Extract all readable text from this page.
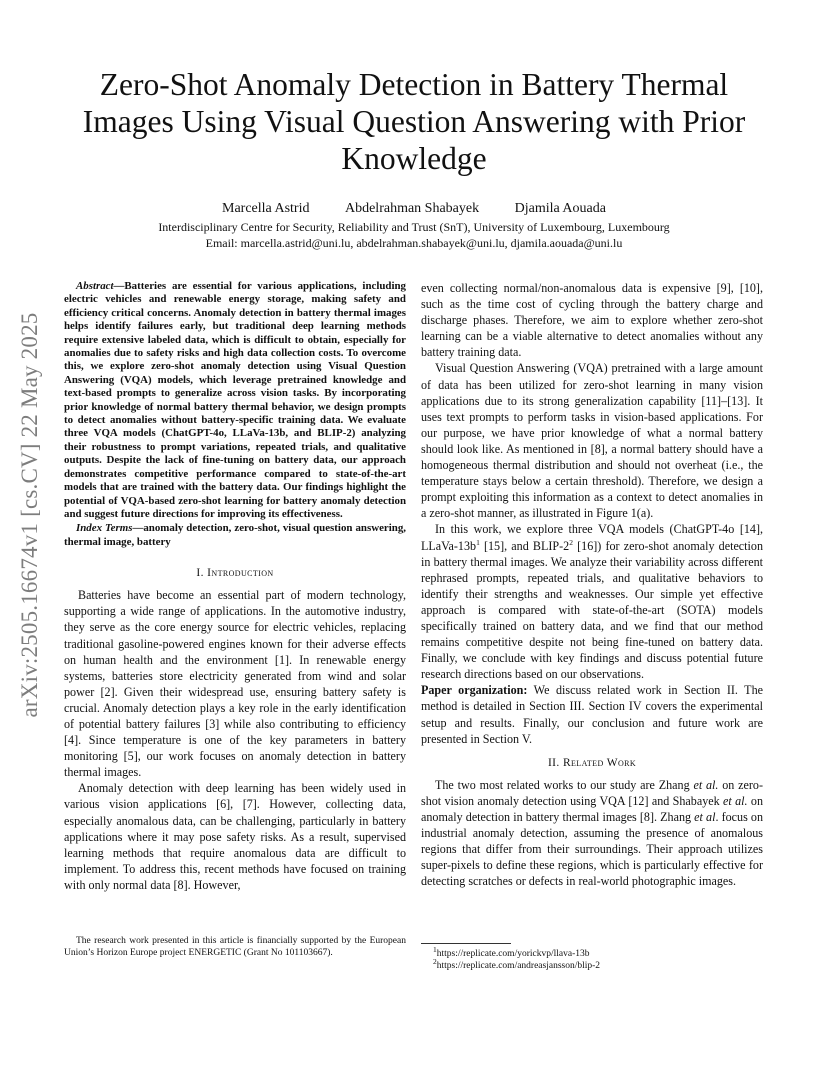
arXiv:2505.16674v1 [cs.CV] 22 May 2025
Zero-Shot Anomaly Detection in Battery Thermal Images Using Visual Question Answering with Prior Knowledge
Marcella Astrid	Abdelrahman Shabayek	Djamila Aouada
Interdisciplinary Centre for Security, Reliability and Trust (SnT), University of Luxembourg, Luxembourg
Email: marcella.astrid@uni.lu, abdelrahman.shabayek@uni.lu, djamila.aouada@uni.lu

Abstract—Batteries are essential for various applications, including electric vehicles and renewable energy storage, making safety and efficiency critical concerns. Anomaly detection in battery thermal images helps identify failures early, but traditional deep learning methods require extensive labeled data, which is difficult to obtain, especially for anomalies due to safety risks and high data collection costs. To overcome this, we explore zero-shot anomaly detection using Visual Question Answering (VQA) models, which leverage pretrained knowledge and text-based prompts to generalize across vision tasks. By incorporating prior knowledge of normal battery thermal behavior, we design prompts to detect anomalies without battery-specific training data. We evaluate three VQA models (ChatGPT-4o, LLaVa-13b, and BLIP-2) analyzing their robustness to prompt variations, repeated trials, and qualitative outputs. Despite the lack of fine-tuning on battery data, our approach demonstrates competitive performance compared to state-of-the-art models that are trained with the battery data. Our findings highlight the potential of VQA-based zero-shot learning for battery anomaly detection and suggest future directions for improving its effectiveness.

Index Terms—anomaly detection, zero-shot, visual question answering, thermal image, battery

I. Introduction

Batteries have become an essential part of modern technology, supporting a wide range of applications. In the automotive industry, they serve as the core energy source for electric vehicles, replacing traditional gasoline-powered engines known for their adverse effects on human health and the environment [1]. In renewable energy systems, batteries store electricity generated from wind and solar power [2]. Given their widespread use, ensuring battery safety is crucial. Anomaly detection plays a key role in the early identification of potential battery failures [3] while also contributing to efficiency [4]. Since temperature is one of the key parameters in battery monitoring [5], our work focuses on anomaly detection in battery thermal images.

Anomaly detection with deep learning has been widely used in various vision applications [6], [7]. However, collecting data, especially anomalous data, can be challenging, particularly in battery applications where it may pose safety risks. As a result, supervised learning methods that require anomalous data are difficult to implement. To address this, recent methods have focused on training with only normal data [8]. However,

The research work presented in this article is financially supported by the European Union’s Horizon Europe project ENERGETIC (Grant No 101103667).

even collecting normal/non-anomalous data is expensive [9], [10], such as the time cost of cycling through the battery charge and discharge phases. Therefore, we aim to explore whether zero-shot learning can be a viable alternative to detect anomalies without any battery training data.

Visual Question Answering (VQA) pretrained with a large amount of data has been utilized for zero-shot learning in many vision applications due to its strong generalization capability [11]–[13]. It uses text prompts to perform tasks in vision-based applications. For our purpose, we have prior knowledge of what a normal battery should look like. As mentioned in [8], a normal battery should have a homogeneous thermal distribution and should not overheat (i.e., the temperature stays below a certain threshold). Therefore, we design a prompt exploiting this information as a context to detect anomalies in a zero-shot manner, as illustrated in Figure 1(a).

In this work, we explore three VQA models (ChatGPT-4o [14], LLaVa-$13b^1$ [15], and BLIP-$2^2$ [16]) for zero-shot anomaly detection in battery thermal images. We analyze their variability across different rephrased prompts, repeated trials, and qualitative behaviors to identify their strengths and weaknesses. Our simple yet effective approach is compared with state-of-the-art (SOTA) models specifically trained on battery data, and we find that our method remains competitive despite not being fine-tuned on battery data. Finally, we conclude with key findings and discuss potential future research directions based on our observations.

Paper organization: We discuss related work in Section II. The method is detailed in Section III. Section IV covers the experimental setup and results. Finally, our conclusion and future work are presented in Section V.

II. Related Work

The two most related works to our study are Zhang et al. on zero-shot vision anomaly detection using VQA [12] and Shabayek et al. on anomaly detection in battery thermal images [8]. Zhang et al. focus on industrial anomaly detection, assuming the presence of anomalous regions that differ from their surroundings. Their approach utilizes super-pixels to define these regions, which is particularly effective for detecting scratches or defects in real-world photographic images.

$^1$https://replicate.com/yorickvp/llava-13b
$^2$https://replicate.com/andreasjansson/blip-2
